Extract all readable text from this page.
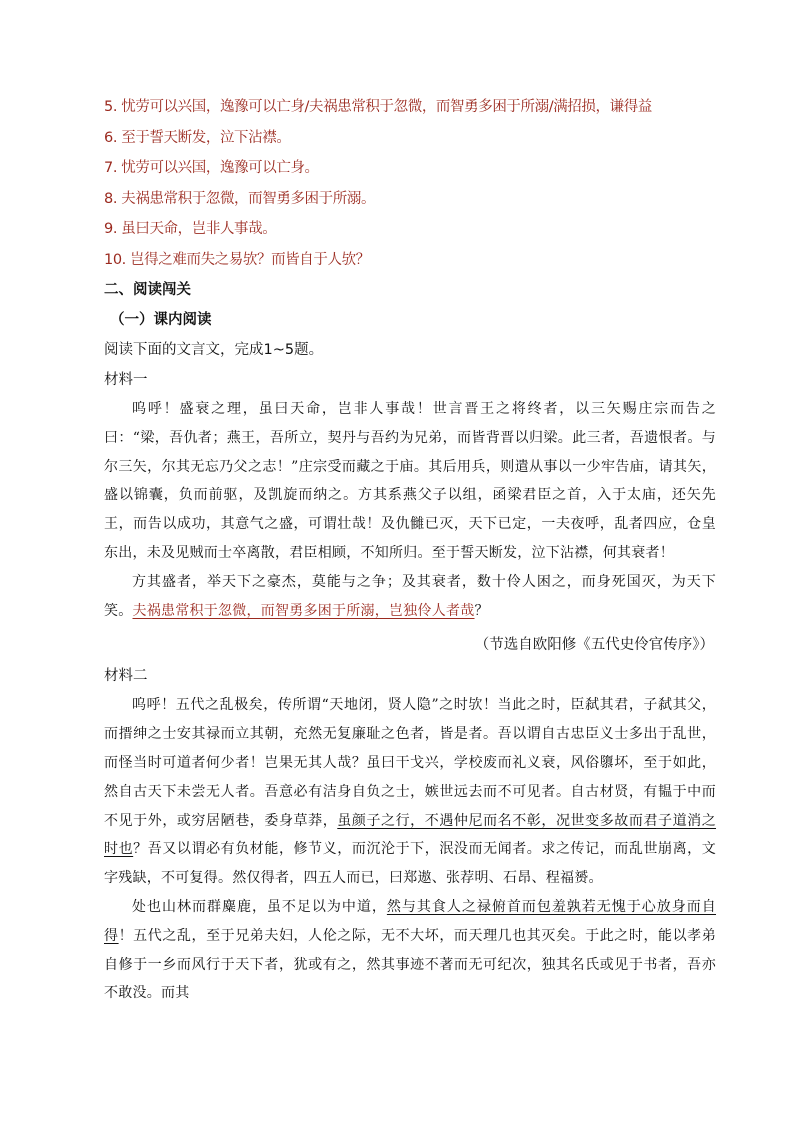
5. 忧劳可以兴国，逸豫可以亡身/夫祸患常积于忽微，而智勇多困于所溺/满招损，谦得益
6. 至于誓天断发，泣下沾襟。
7. 忧劳可以兴国，逸豫可以亡身。
8. 夫祸患常积于忽微，而智勇多困于所溺。
9. 虽曰天命，岂非人事哉。
10. 岂得之难而失之易欤？而皆自于人欤？
二、阅读闯关
（一）课内阅读
阅读下面的文言文，完成1~5题。
材料一

呜呼！盛衰之理，虽曰天命，岂非人事哉！世言晋王之将终者，以三矢赐庄宗而告之曰：“梁，吾仇者；燕王，吾所立，契丹与吾约为兄弟，而皆背晋以归梁。此三者，吾遗恨者。与尔三矢，尔其无忘乃父之志！”庄宗受而藏之于庙。其后用兵，则遣从事以一少牢告庙，请其矢，盛以锦囊，负而前驱，及凯旋而纳之。方其系燕父子以组，函梁君臣之首，入于太庙，还矢先王，而告以成功，其意气之盛，可谓壮哉！及仇雠已灭，天下已定，一夫夜呼，乱者四应，仓皇东出，未及见贼而士卒离散，君臣相顾，不知所归。至于誓天断发，泣下沾襟，何其衰者！

方其盛者，举天下之豪杰，莫能与之争；及其衰者，数十伶人困之，而身死国灭，为天下笑。夫祸患常积于忽微，而智勇多困于所溺，岂独伶人者哉？

（节选自欧阳修《五代史伶官传序》）
材料二

呜呼！五代之乱极矣，传所谓“天地闭，贤人隐”之时欤！当此之时，臣弑其君，子弑其父，而搢绅之士安其禄而立其朝，充然无复廉耻之色者，皆是者。吾以谓自古忠臣义士多出于乱世，而怪当时可道者何少者！岂果无其人哉？虽曰干戈兴，学校废而礼义衰，风俗隳坏，至于如此，然自古天下未尝无人者。吾意必有洁身自负之士，嫉世远去而不可见者。自古材贤，有韫于中而不见于外，或穷居陋巷，委身草莽，虽颜子之行，不遇仲尼而名不彰，况世变多故而君子道消之时也？吾又以谓必有负材能，修节义，而沉沦于下，泯没而无闻者。求之传记，而乱世崩离，文字残缺，不可复得。然仅得者，四五人而已，曰郑遨、张荐明、石昂、程福赟。

处也山林而群麋鹿，虽不足以为中道，然与其食人之禄俯首而包羞孰若无愧于心放身而自得！五代之乱，至于兄弟夫妇，人伦之际，无不大坏，而天理几也其灭矣。于此之时，能以孝弟自修于一乡而风行于天下者，犹或有之，然其事迹不著而无可纪次，独其名氏或见于书者，吾亦不敢没。而其
